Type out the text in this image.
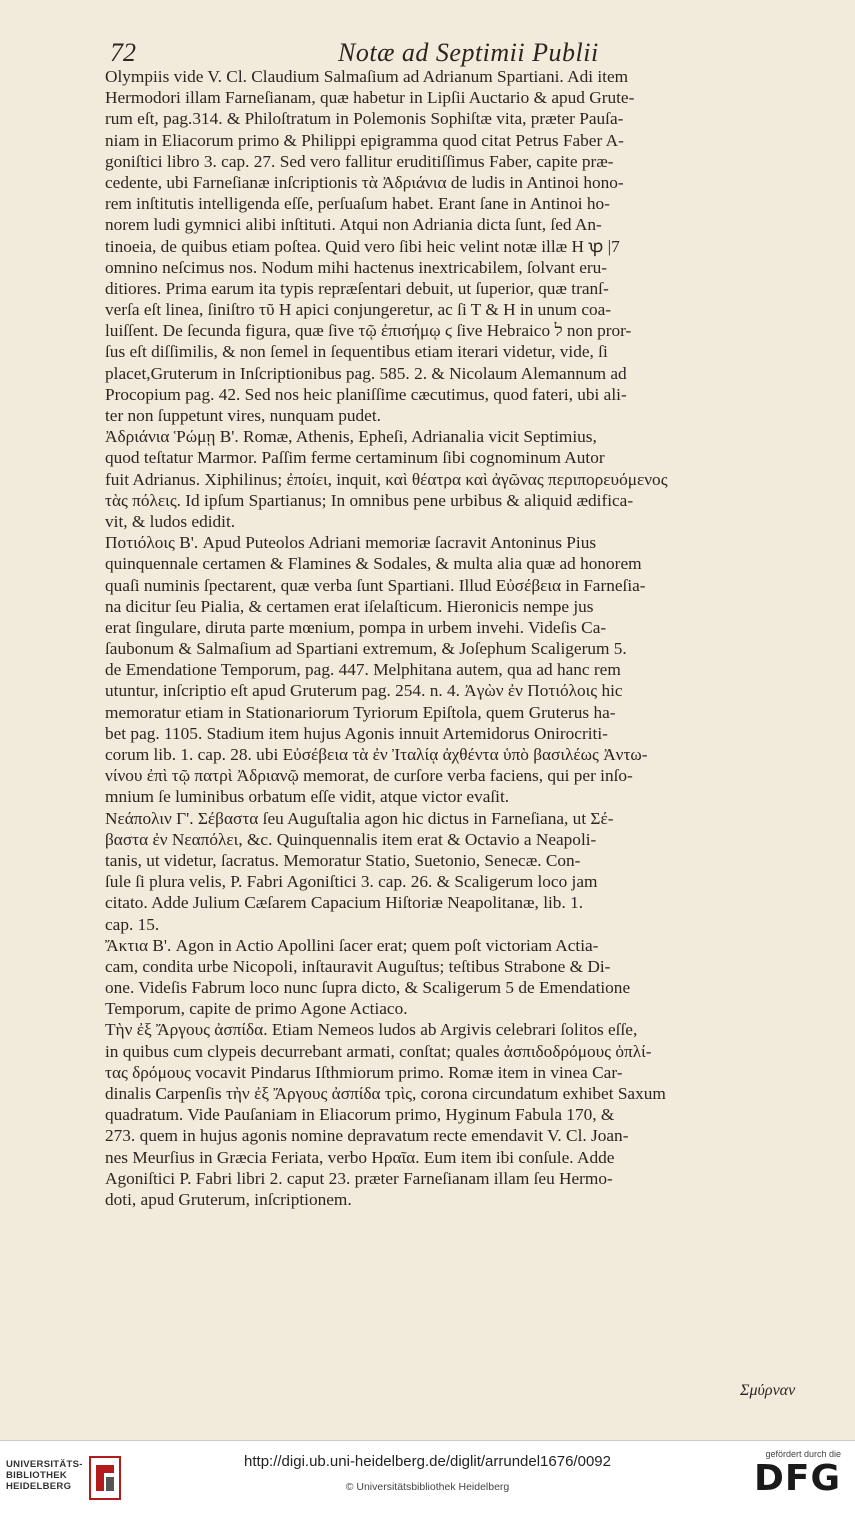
72	Notæ ad Septimii Publii
Olympiis vide V. Cl. Claudium Salmaſium ad Adrianum Spartiani. Adi item
Hermodori illam Farneſianam, quæ habetur in Lipſii Auctario & apud Grute-
rum eſt, pag.314. & Philoſtratum in Polemonis Sophiſtæ vita, præter Pauſa-
niam in Eliacorum primo & Philippi epigramma quod citat Petrus Faber A-
goniſtici libro 3. cap. 27. Sed vero fallitur eruditiſſimus Faber, capite præ-
cedente, ubi Farneſianæ inſcriptionis τὰ Ἀδριάνια de ludis in Antinoi hono-
rem inſtitutis intelligenda eſſe, perſuaſum habet. Erant ſane in Antinoi ho-
norem ludi gymnici alibi inſtituti. Atqui non Adriania dicta ſunt, ſed An-
tinoeia, de quibus etiam poſtea. Quid vero ſibi heic velint notæ illæ H ꝕ |7
omnino neſcimus nos. Nodum mihi hactenus inextricabilem, ſolvant eru-
ditiores. Prima earum ita typis repræſentari debuit, ut ſuperior, quæ tranſ-
verſa eſt linea, ſiniſtro τῦ H apici conjungeretur, ac ſi T & H in unum coa-
luiſſent. De ſecunda figura, quæ ſive τῷ ἐπισήμῳ ϛ ſive Hebraico ל non pror-
ſus eſt diſſimilis, & non ſemel in ſequentibus etiam iterari videtur, vide, ſi
placet,Gruterum in Inſcriptionibus pag. 585. 2. & Nicolaum Alemannum ad
Procopium pag. 42. Sed nos heic planiſſime cæcutimus, quod fateri, ubi ali-
ter non ſuppetunt vires, nunquam pudet.
Ἀδριάνια Ῥώμῃ Β'. Romæ, Athenis, Epheſi, Adrianalia vicit Septimius,
quod teſtatur Marmor. Paſſim ferme certaminum ſibi cognominum Autor
fuit Adrianus. Xiphilinus; ἐποίει, inquit, καὶ θέατρα καὶ ἀγῶνας περιπορευόμενος
τὰς πόλεις. Id ipſum Spartianus; In omnibus pene urbibus & aliquid ædifica-
vit, & ludos edidit.
Ποτιόλοις Β'. Apud Puteolos Adriani memoriæ ſacravit Antoninus Pius
quinquennale certamen & Flamines & Sodales, & multa alia quæ ad honorem
quaſi numinis ſpectarent, quæ verba ſunt Spartiani. Illud Εὐσέβεια in Farneſia-
na dicitur ſeu Pialia, & certamen erat iſelaſticum. Hieronicis nempe jus
erat ſingulare, diruta parte mœnium, pompa in urbem invehi. Videſis Ca-
ſaubonum & Salmaſium ad Spartiani extremum, & Joſephum Scaligerum 5.
de Emendatione Temporum, pag. 447. Melphitana autem, qua ad hanc rem
utuntur, inſcriptio eſt apud Gruterum pag. 254. n. 4. Ἀγὼν ἐν Ποτιόλοις hic
memoratur etiam in Stationariorum Tyriorum Epiſtola, quem Gruterus ha-
bet pag. 1105. Stadium item hujus Agonis innuit Artemidorus Onirocriti-
corum lib. 1. cap. 28. ubi Εὐσέβεια τὰ ἐν Ἰταλίᾳ ἀχθέντα ὑπὸ βασιλέως Ἀντω-
νίνου ἐπὶ τῷ πατρὶ Ἀδριανῷ memorat, de curſore verba faciens, qui per inſo-
mnium ſe luminibus orbatum eſſe vidit, atque victor evaſit.
Νεάπολιν Γ'. Σέβαστα ſeu Auguſtalia agon hic dictus in Farneſiana, ut Σέ-
βαστα ἐν Νεαπόλει, &c. Quinquennalis item erat & Octavio a Neapoli-
tanis, ut videtur, ſacratus. Memoratur Statio, Suetonio, Senecæ. Con-
ſule ſi plura velis, P. Fabri Agoniſtici 3. cap. 26. & Scaligerum loco jam
citato. Adde Julium Cæſarem Capacium Hiſtoriæ Neapolitanæ, lib. 1.
cap. 15.
Ἄκτια Β'. Agon in Actio Apollini ſacer erat; quem poſt victoriam Actia-
cam, condita urbe Nicopoli, inſtauravit Auguſtus; teſtibus Strabone & Di-
one. Videſis Fabrum loco nunc ſupra dicto, & Scaligerum 5 de Emendatione
Temporum, capite de primo Agone Actiaco.
Τὴν ἐξ Ἄργους ἀσπίδα. Etiam Nemeos ludos ab Argivis celebrari ſolitos eſſe,
in quibus cum clypeis decurrebant armati, conſtat; quales ἀσπιδοδρόμους ὁπλί-
τας δρόμους vocavit Pindarus Iſthmiorum primo. Romæ item in vinea Car-
dinalis Carpenſis τὴν ἐξ Ἄργους ἀσπίδα τρὶς, corona circundatum exhibet Saxum
quadratum. Vide Pauſaniam in Eliacorum primo, Hyginum Fabula 170, &
273. quem in hujus agonis nomine depravatum recte emendavit V. Cl. Joan-
nes Meurſius in Græcia Feriata, verbo Ηραῖα. Eum item ibi conſule. Adde
Agoniſtici P. Fabri libri 2. caput 23. præter Farneſianam illam ſeu Hermo-
doti, apud Gruterum, inſcriptionem.
Σμύρναν
UNIVERSITÄTS-
BIBLIOTHEK
HEIDELBERG
http://digi.ub.uni-heidelberg.de/diglit/arrundel1676/0092
© Universitätsbibliothek Heidelberg
gefördert durch die
DFG
